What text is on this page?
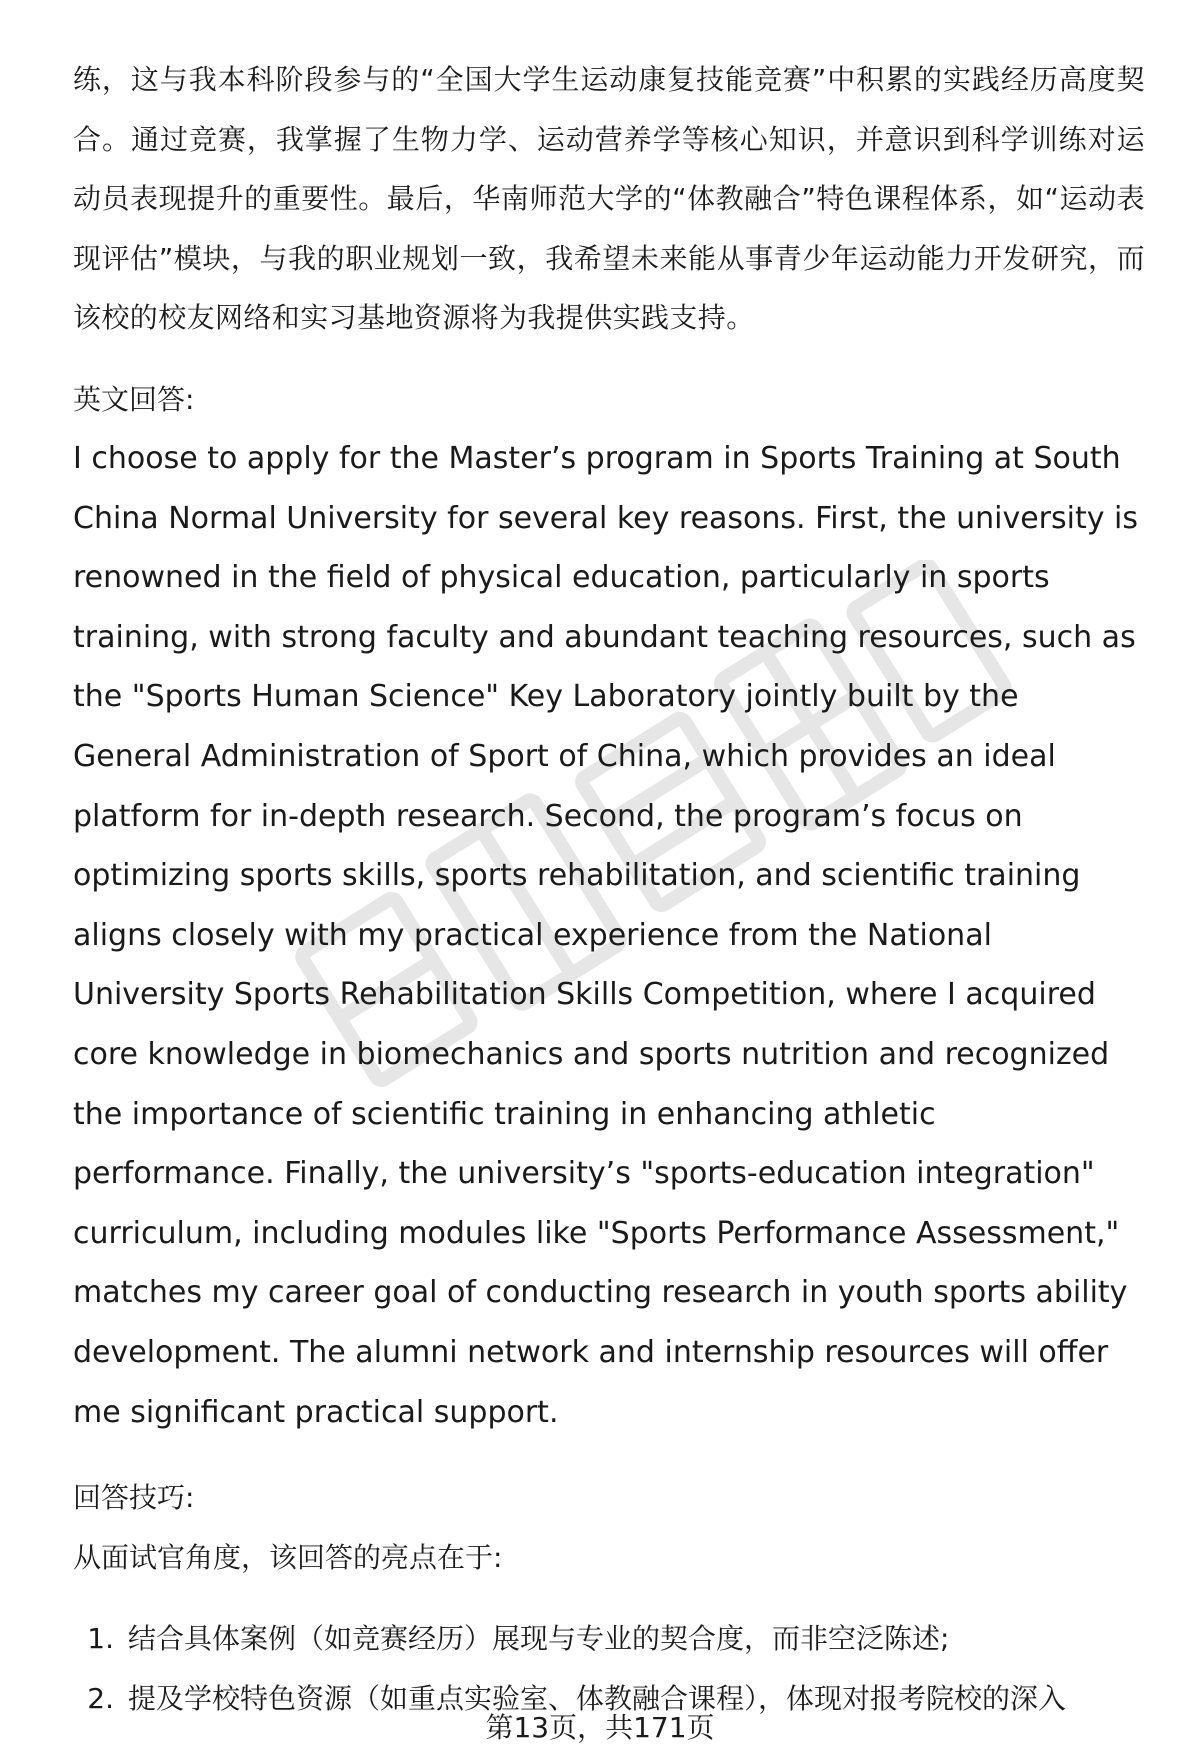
练，这与我本科阶段参与的“全国大学生运动康复技能竞赛”中积累的实践经历高度契合。通过竞赛，我掌握了生物力学、运动营养学等核心知识，并意识到科学训练对运动员表现提升的重要性。最后，华南师范大学的“体教融合”特色课程体系，如“运动表现评估”模块，与我的职业规划一致，我希望未来能从事青少年运动能力开发研究，而该校的校友网络和实习基地资源将为我提供实践支持。

英文回答:

I choose to apply for the Master’s program in Sports Training at South China Normal University for several key reasons. First, the university is renowned in the field of physical education, particularly in sports training, with strong faculty and abundant teaching resources, such as the "Sports Human Science" Key Laboratory jointly built by the General Administration of Sport of China, which provides an ideal platform for in-depth research. Second, the program’s focus on optimizing sports skills, sports rehabilitation, and scientific training aligns closely with my practical experience from the National University Sports Rehabilitation Skills Competition, where I acquired core knowledge in biomechanics and sports nutrition and recognized the importance of scientific training in enhancing athletic performance. Finally, the university’s "sports-education integration" curriculum, including modules like "Sports Performance Assessment," matches my career goal of conducting research in youth sports ability development. The alumni network and internship resources will offer me significant practical support.

回答技巧:

从面试官角度，该回答的亮点在于:

1. 结合具体案例（如竞赛经历）展现与专业的契合度，而非空泛陈述;
2. 提及学校特色资源（如重点实验室、体教融合课程），体现对报考院校的深入
第13页，共171页
